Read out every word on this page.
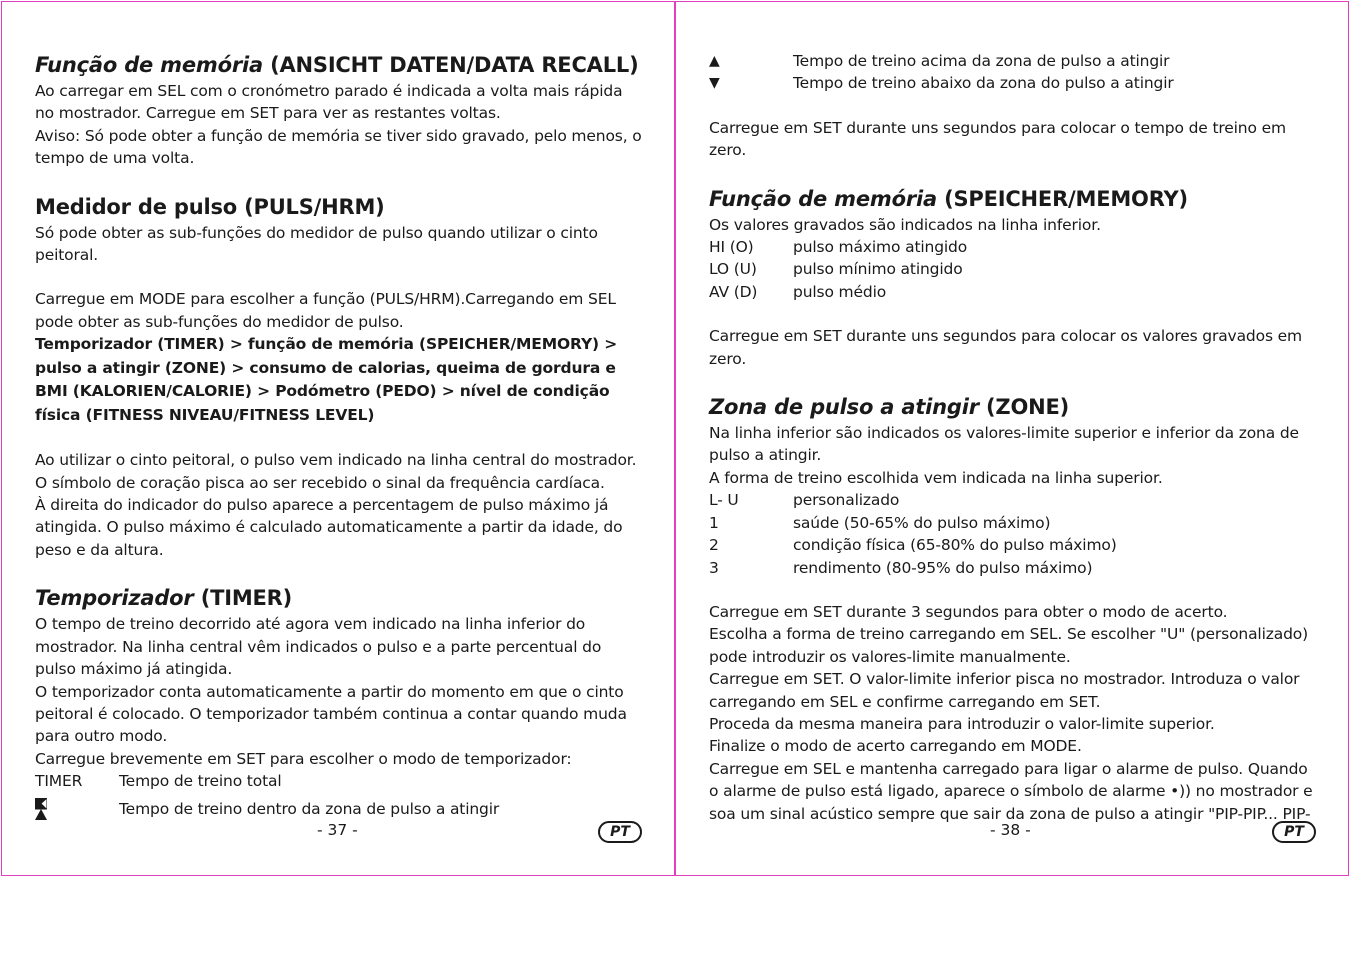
Função de memória (ANSICHT DATEN/DATA RECALL)

Ao carregar em SEL com o cronómetro parado é indicada a volta mais rápida no mostrador. Carregue em SET para ver as restantes voltas.

Aviso: Só pode obter a função de memória se tiver sido gravado, pelo menos, o tempo de uma volta.

Medidor de pulso (PULS/HRM)

Só pode obter as sub-funções do medidor de pulso quando utilizar o cinto peitoral.

Carregue em MODE para escolher a função (PULS/HRM).Carregando em SEL pode obter as sub-funções do medidor de pulso.

Temporizador (TIMER) > função de memória (SPEICHER/MEMORY) > pulso a atingir (ZONE) > consumo de calorias, queima de gordura e BMI (KALORIEN/CALORIE) > Podómetro (PEDO) > nível de condição física (FITNESS NIVEAU/FITNESS LEVEL)

Ao utilizar o cinto peitoral, o pulso vem indicado na linha central do mostrador. O símbolo de coração pisca ao ser recebido o sinal da frequência cardíaca.

À direita do indicador do pulso aparece a percentagem de pulso máximo já atingida. O pulso máximo é calculado automaticamente a partir da idade, do peso e da altura.

Temporizador (TIMER)

O tempo de treino decorrido até agora vem indicado na linha inferior do mostrador. Na linha central vêm indicados o pulso e a parte percentual do pulso máximo já atingida.

O temporizador conta automaticamente a partir do momento em que o cinto peitoral é colocado. O temporizador também continua a contar quando muda para outro modo.

Carregue brevemente em SET para escolher o modo de temporizador:

TIMER	Tempo de treino total
Tempo de treino dentro da zona de pulso a atingir
- 37 -	PT
▲	Tempo de treino acima da zona de pulso a atingir
▼	Tempo de treino abaixo da zona do pulso a atingir

Carregue em SET durante uns segundos para colocar o tempo de treino em zero.

Função de memória (SPEICHER/MEMORY)

Os valores gravados são indicados na linha inferior.

HI (O)	pulso máximo atingido
LO (U)	pulso mínimo atingido
AV (D)	pulso médio

Carregue em SET durante uns segundos para colocar os valores gravados em zero.

Zona de pulso a atingir (ZONE)

Na linha inferior são indicados os valores-limite superior e inferior da zona de pulso a atingir.

A forma de treino escolhida vem indicada na linha superior.

L- U	personalizado
1	saúde (50-65% do pulso máximo)
2	condição física (65-80% do pulso máximo)
3	rendimento (80-95% do pulso máximo)

Carregue em SET durante 3 segundos para obter o modo de acerto.

Escolha a forma de treino carregando em SEL. Se escolher "U" (personalizado) pode introduzir os valores-limite manualmente.

Carregue em SET. O valor-limite inferior pisca no mostrador. Introduza o valor carregando em SEL e confirme carregando em SET.

Proceda da mesma maneira para introduzir o valor-limite superior.

Finalize o modo de acerto carregando em MODE.

Carregue em SEL e mantenha carregado para ligar o alarme de pulso. Quando o alarme de pulso está ligado, aparece o símbolo de alarme •)) no mostrador e soa um sinal acústico sempre que sair da zona de pulso a atingir "PIP-PIP... PIP-

- 38 -	PT
